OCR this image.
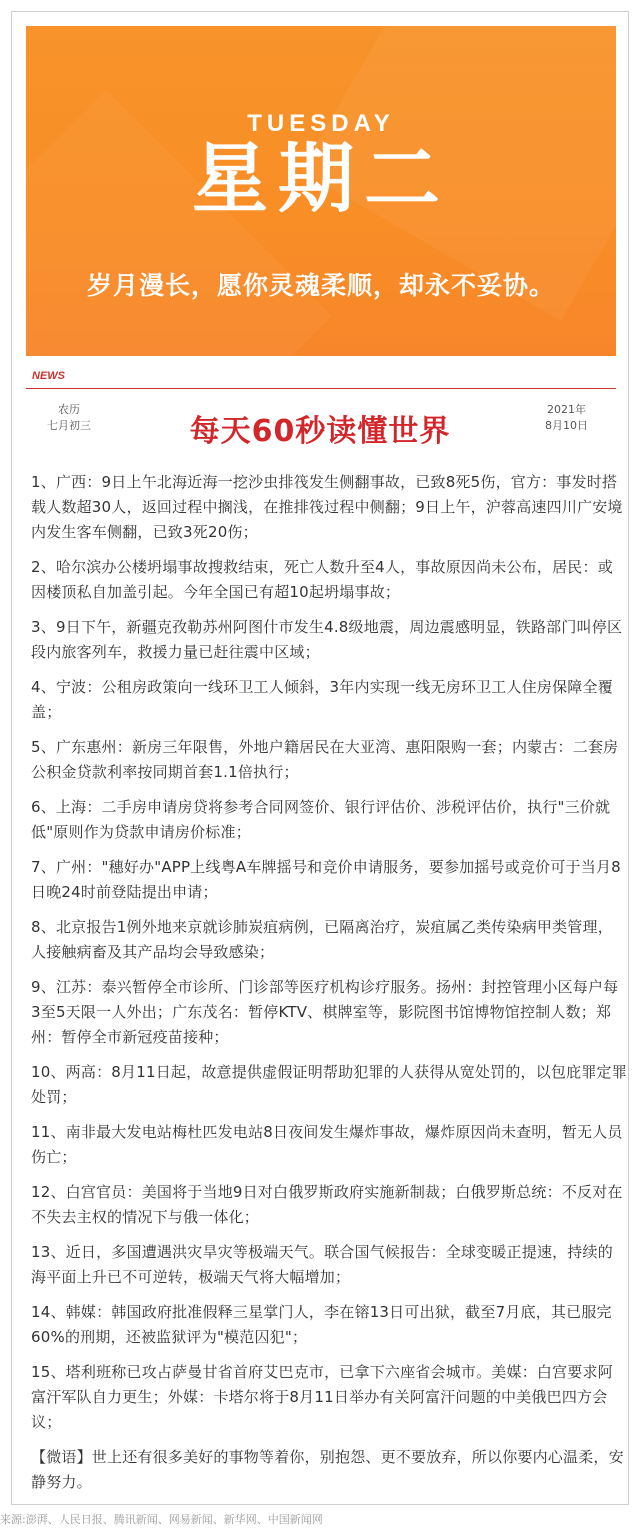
TUESDAY
星期二
岁月漫长，愿你灵魂柔顺，却永不妥协。
NEWS
农历
七月初三	每天60秒读懂世界
2021年
8月10日

1、广西：9日上午北海近海一挖沙虫排筏发生侧翻事故，已致8死5伤，官方：事发时搭载人数超30人，返回过程中搁浅，在推排筏过程中侧翻；9日上午，沪蓉高速四川广安境内发生客车侧翻，已致3死20伤；

2、哈尔滨办公楼坍塌事故搜救结束，死亡人数升至4人，事故原因尚未公布，居民：或因楼顶私自加盖引起。今年全国已有超10起坍塌事故；

3、9日下午，新疆克孜勒苏州阿图什市发生4.8级地震，周边震感明显，铁路部门叫停区段内旅客列车，救援力量已赶往震中区域；

4、宁波：公租房政策向一线环卫工人倾斜，3年内实现一线无房环卫工人住房保障全覆盖；

5、广东惠州：新房三年限售，外地户籍居民在大亚湾、惠阳限购一套；内蒙古：二套房公积金贷款利率按同期首套1.1倍执行；

6、上海：二手房申请房贷将参考合同网签价、银行评估价、涉税评估价，执行"三价就低"原则作为贷款申请房价标准；

7、广州："穗好办"APP上线粤A车牌摇号和竞价申请服务，要参加摇号或竞价可于当月8日晚24时前登陆提出申请；

8、北京报告1例外地来京就诊肺炭疽病例，已隔离治疗，炭疽属乙类传染病甲类管理，人接触病畜及其产品均会导致感染；

9、江苏：泰兴暂停全市诊所、门诊部等医疗机构诊疗服务。扬州：封控管理小区每户每3至5天限一人外出；广东茂名：暂停KTV、棋牌室等，影院图书馆博物馆控制人数；郑州：暂停全市新冠疫苗接种；

10、两高：8月11日起，故意提供虚假证明帮助犯罪的人获得从宽处罚的，以包庇罪定罪处罚；

11、南非最大发电站梅杜匹发电站8日夜间发生爆炸事故，爆炸原因尚未查明，暂无人员伤亡；

12、白宫官员：美国将于当地9日对白俄罗斯政府实施新制裁；白俄罗斯总统：不反对在不失去主权的情况下与俄一体化；

13、近日，多国遭遇洪灾旱灾等极端天气。联合国气候报告：全球变暖正提速，持续的海平面上升已不可逆转，极端天气将大幅增加；

14、韩媒：韩国政府批准假释三星掌门人，李在镕13日可出狱，截至7月底，其已服完60%的刑期，还被监狱评为"模范囚犯"；

15、塔利班称已攻占萨曼甘省首府艾巴克市，已拿下六座省会城市。美媒：白宫要求阿富汗军队自力更生；外媒：卡塔尔将于8月11日举办有关阿富汗问题的中美俄巴四方会议；

【微语】世上还有很多美好的事物等着你，别抱怨、更不要放弃，所以你要内心温柔，安静努力。

来源:澎湃、人民日报、腾讯新闻、网易新闻、新华网、中国新闻网
